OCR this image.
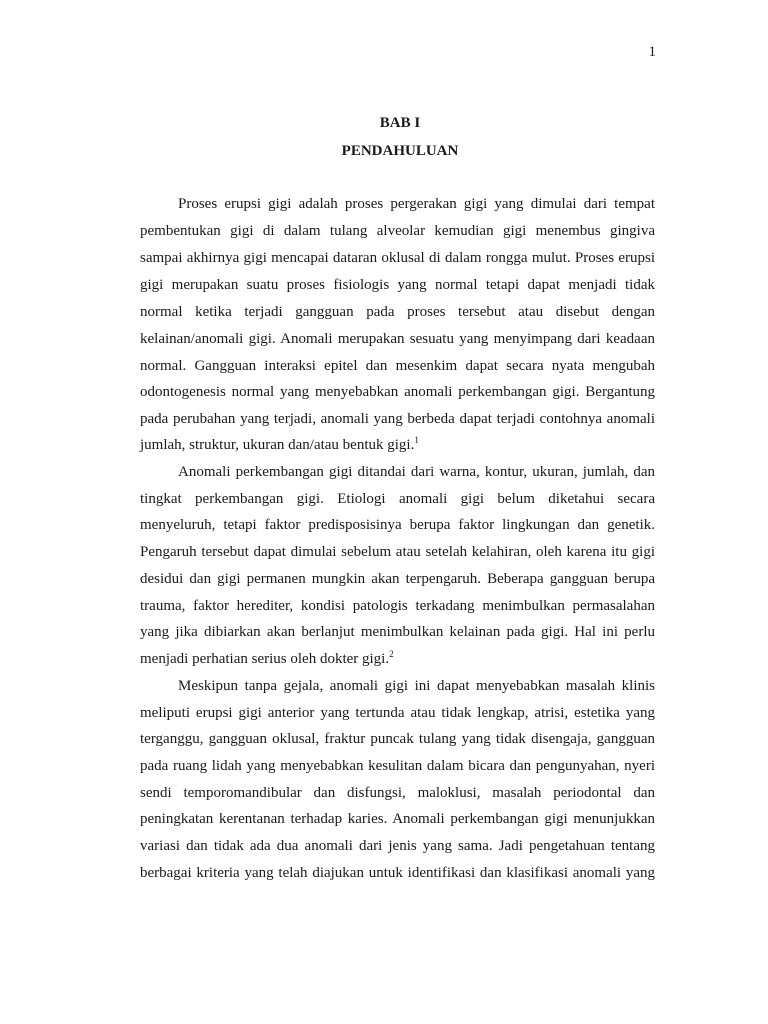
1
BAB I
PENDAHULUAN
Proses erupsi gigi adalah proses pergerakan gigi yang dimulai dari tempat
pembentukan gigi di dalam tulang alveolar kemudian gigi menembus gingiva
sampai akhirnya gigi mencapai dataran oklusal di dalam rongga mulut. Proses erupsi
gigi merupakan suatu proses fisiologis yang normal tetapi dapat menjadi tidak
normal ketika terjadi gangguan pada proses tersebut atau disebut dengan
kelainan/anomali gigi. Anomali merupakan sesuatu yang menyimpang dari keadaan
normal. Gangguan interaksi epitel dan mesenkim dapat secara nyata mengubah
odontogenesis normal yang menyebabkan anomali perkembangan gigi. Bergantung
pada perubahan yang terjadi, anomali yang berbeda dapat terjadi contohnya anomali
jumlah, struktur, ukuran dan/atau bentuk gigi.$^1$
Anomali perkembangan gigi ditandai dari warna, kontur, ukuran, jumlah, dan
tingkat perkembangan gigi. Etiologi anomali gigi belum diketahui secara
menyeluruh, tetapi faktor predisposisinya berupa faktor lingkungan dan genetik.
Pengaruh tersebut dapat dimulai sebelum atau setelah kelahiran, oleh karena itu gigi
desidui dan gigi permanen mungkin akan terpengaruh. Beberapa gangguan berupa
trauma, faktor herediter, kondisi patologis terkadang menimbulkan permasalahan
yang jika dibiarkan akan berlanjut menimbulkan kelainan pada gigi. Hal ini perlu
menjadi perhatian serius oleh dokter gigi.$^2$
Meskipun tanpa gejala, anomali gigi ini dapat menyebabkan masalah klinis
meliputi erupsi gigi anterior yang tertunda atau tidak lengkap, atrisi, estetika yang
terganggu, gangguan oklusal, fraktur puncak tulang yang tidak disengaja, gangguan
pada ruang lidah yang menyebabkan kesulitan dalam bicara dan pengunyahan, nyeri
sendi temporomandibular dan disfungsi, maloklusi, masalah periodontal dan
peningkatan kerentanan terhadap karies. Anomali perkembangan gigi menunjukkan
variasi dan tidak ada dua anomali dari jenis yang sama. Jadi pengetahuan tentang
berbagai kriteria yang telah diajukan untuk identifikasi dan klasifikasi anomali yang
